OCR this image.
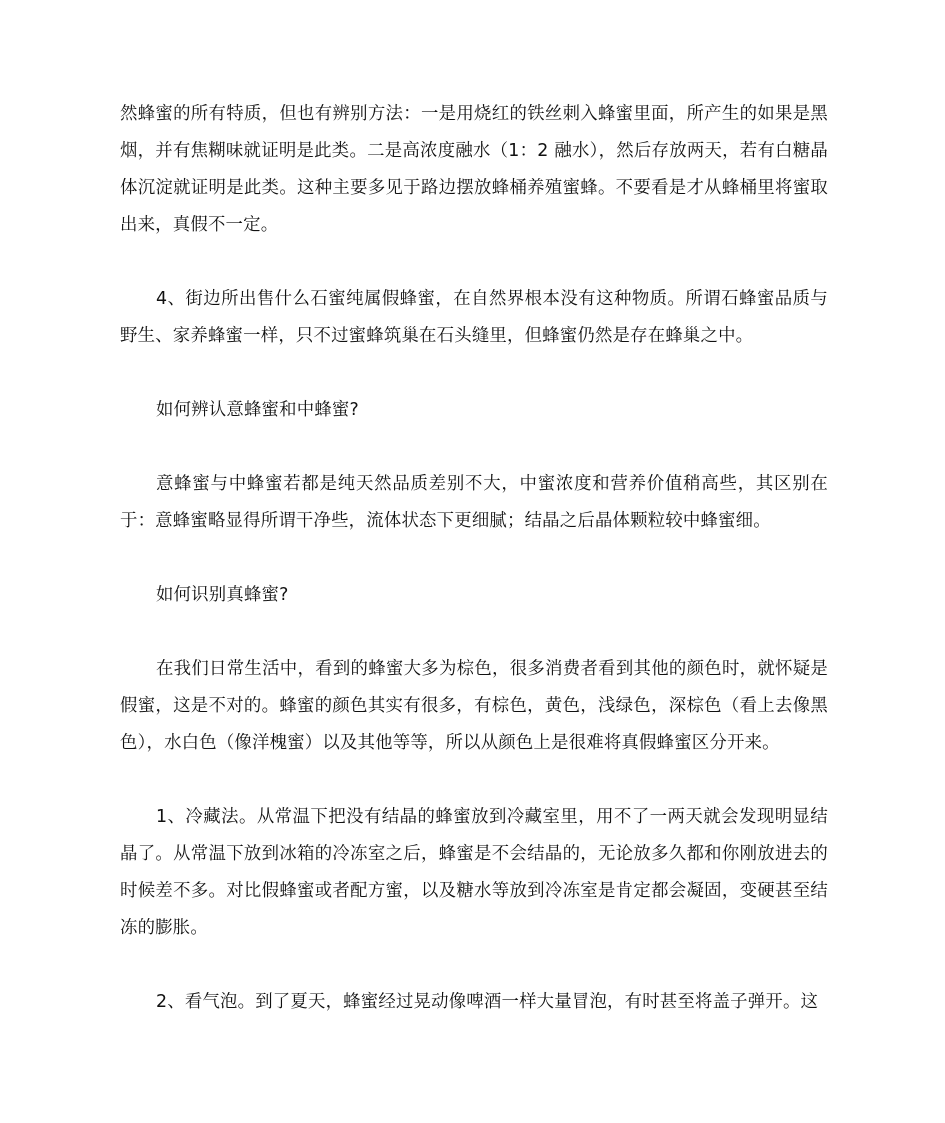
然蜂蜜的所有特质，但也有辨别方法：一是用烧红的铁丝刺入蜂蜜里面，所产生的如果是黑烟，并有焦糊味就证明是此类。二是高浓度融水（1：2 融水），然后存放两天，若有白糖晶体沉淀就证明是此类。这种主要多见于路边摆放蜂桶养殖蜜蜂。不要看是才从蜂桶里将蜜取出来，真假不一定。

4、街边所出售什么石蜜纯属假蜂蜜，在自然界根本没有这种物质。所谓石蜂蜜品质与野生、家养蜂蜜一样，只不过蜜蜂筑巢在石头缝里，但蜂蜜仍然是存在蜂巢之中。

如何辨认意蜂蜜和中蜂蜜?

意蜂蜜与中蜂蜜若都是纯天然品质差别不大，中蜜浓度和营养价值稍高些，其区别在于：意蜂蜜略显得所谓干净些，流体状态下更细腻；结晶之后晶体颗粒较中蜂蜜细。

如何识别真蜂蜜?

在我们日常生活中，看到的蜂蜜大多为棕色，很多消费者看到其他的颜色时，就怀疑是假蜜，这是不对的。蜂蜜的颜色其实有很多，有棕色，黄色，浅绿色，深棕色（看上去像黑色），水白色（像洋槐蜜）以及其他等等，所以从颜色上是很难将真假蜂蜜区分开来。

1、冷藏法。从常温下把没有结晶的蜂蜜放到冷藏室里，用不了一两天就会发现明显结晶了。从常温下放到冰箱的冷冻室之后，蜂蜜是不会结晶的，无论放多久都和你刚放进去的时候差不多。对比假蜂蜜或者配方蜜，以及糖水等放到冷冻室是肯定都会凝固，变硬甚至结冻的膨胀。

2、看气泡。到了夏天，蜂蜜经过晃动像啤酒一样大量冒泡，有时甚至将盖子弹开。这
